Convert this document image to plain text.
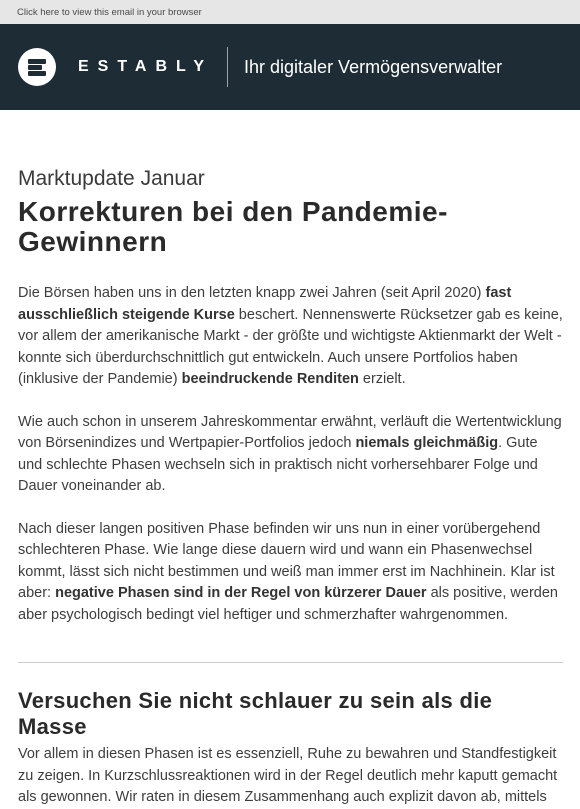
Click here to view this email in your browser
ESTABLY Ihr digitaler Vermögensverwalter
Marktupdate Januar
Korrekturen bei den Pandemie-Gewinnern

Die Börsen haben uns in den letzten knapp zwei Jahren (seit April 2020) fast ausschließlich steigende Kurse beschert. Nennenswerte Rücksetzer gab es keine, vor allem der amerikanische Markt - der größte und wichtigste Aktienmarkt der Welt - konnte sich überdurchschnittlich gut entwickeln. Auch unsere Portfolios haben (inklusive der Pandemie) beeindruckende Renditen erzielt.

Wie auch schon in unserem Jahreskommentar erwähnt, verläuft die Wertentwicklung von Börsenindizes und Wertpapier-Portfolios jedoch niemals gleichmäßig. Gute und schlechte Phasen wechseln sich in praktisch nicht vorhersehbarer Folge und Dauer voneinander ab.

Nach dieser langen positiven Phase befinden wir uns nun in einer vorübergehend schlechteren Phase. Wie lange diese dauern wird und wann ein Phasenwechsel kommt, lässt sich nicht bestimmen und weiß man immer erst im Nachhinein. Klar ist aber: negative Phasen sind in der Regel von kürzerer Dauer als positive, werden aber psychologisch bedingt viel heftiger und schmerzhafter wahrgenommen.

Versuchen Sie nicht schlauer zu sein als die Masse

Vor allem in diesen Phasen ist es essenziell, Ruhe zu bewahren und Standfestigkeit zu zeigen. In Kurzschlussreaktionen wird in der Regel deutlich mehr kaputt gemacht als gewonnen. Wir raten in diesem Zusammenhang auch explizit davon ab, mittels
